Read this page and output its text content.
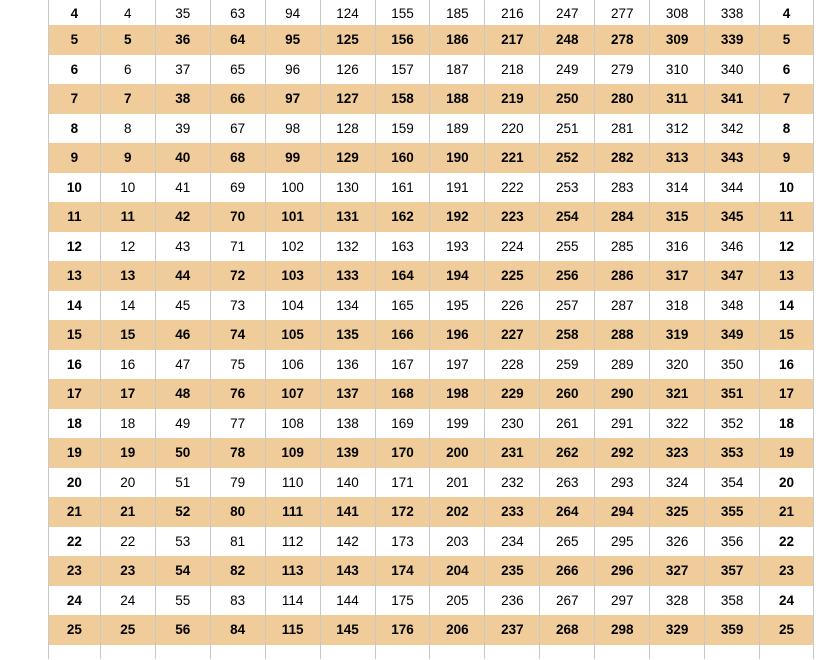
4	4	35	63	94	124	155	185	216	247	277	308	338	4
5	5	36	64	95	125	156	186	217	248	278	309	339	5
6	6	37	65	96	126	157	187	218	249	279	310	340	6
7	7	38	66	97	127	158	188	219	250	280	311	341	7
8	8	39	67	98	128	159	189	220	251	281	312	342	8
9	9	40	68	99	129	160	190	221	252	282	313	343	9
10	10	41	69	100	130	161	191	222	253	283	314	344	10
11	11	42	70	101	131	162	192	223	254	284	315	345	11
12	12	43	71	102	132	163	193	224	255	285	316	346	12
13	13	44	72	103	133	164	194	225	256	286	317	347	13
14	14	45	73	104	134	165	195	226	257	287	318	348	14
15	15	46	74	105	135	166	196	227	258	288	319	349	15
16	16	47	75	106	136	167	197	228	259	289	320	350	16
17	17	48	76	107	137	168	198	229	260	290	321	351	17
18	18	49	77	108	138	169	199	230	261	291	322	352	18
19	19	50	78	109	139	170	200	231	262	292	323	353	19
20	20	51	79	110	140	171	201	232	263	293	324	354	20
21	21	52	80	111	141	172	202	233	264	294	325	355	21
22	22	53	81	112	142	173	203	234	265	295	326	356	22
23	23	54	82	113	143	174	204	235	266	296	327	357	23
24	24	55	83	114	144	175	205	236	267	297	328	358	24
25	25	56	84	115	145	176	206	237	268	298	329	359	25
